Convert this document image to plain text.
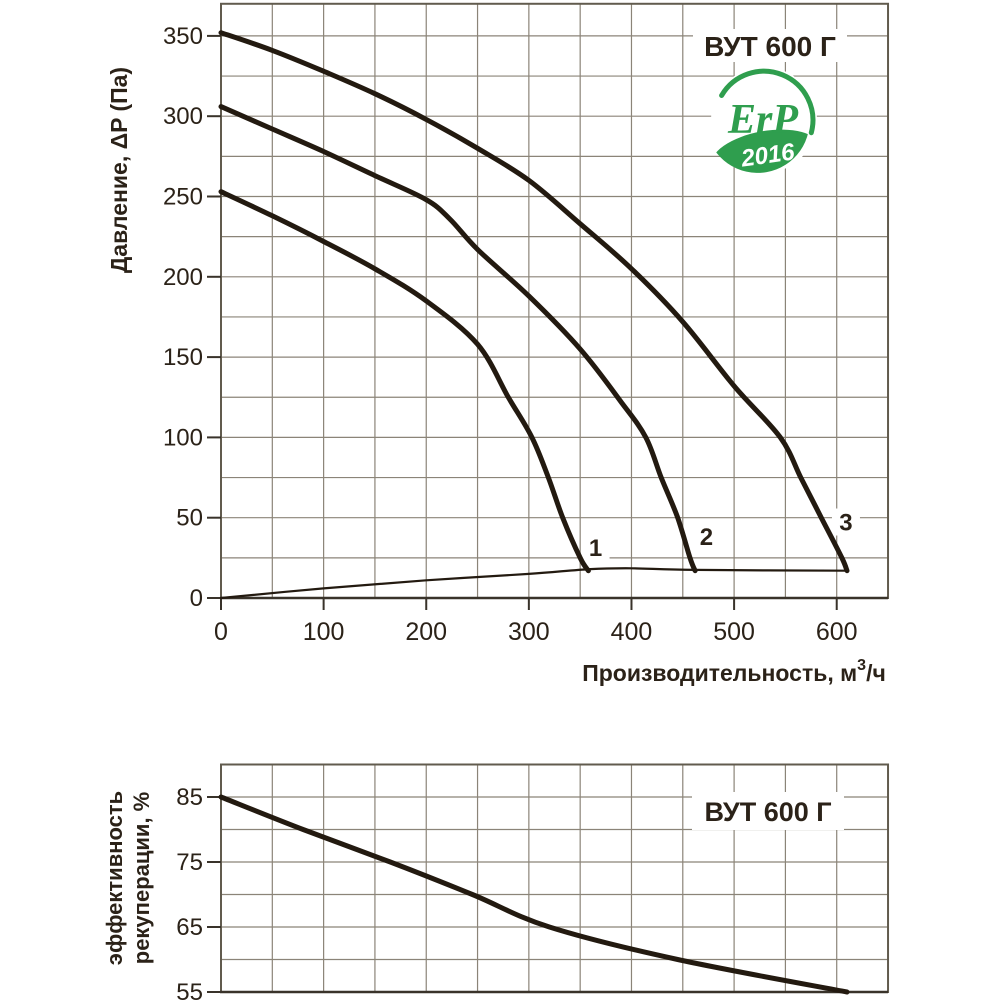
ErP
2016
ВУТ 600 Г
ВУТ 600 Г
0
50
100
150
200
250
300
350
0	100 200 300 400 500 600
55
65
75
85
1	2
3
Давление, ΔP (Па)
Производительность, $м^3/ч$
эффективность рекуперации, %
